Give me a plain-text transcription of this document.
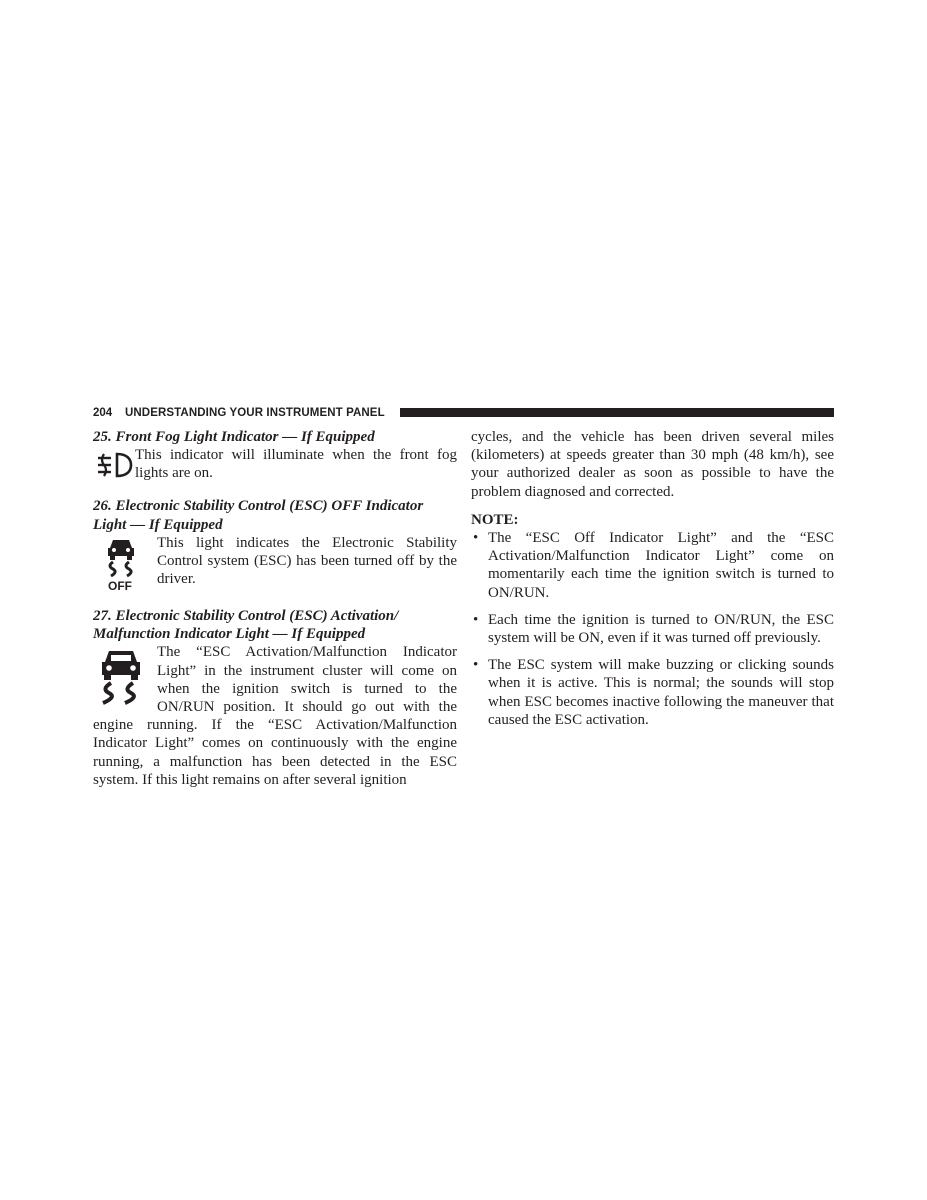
204 UNDERSTANDING YOUR INSTRUMENT PANEL

25. Front Fog Light Indicator — If Equipped

This indicator will illuminate when the front fog lights are on.

26. Electronic Stability Control (ESC) OFF Indicator

Light — If Equipped

OFF

This light indicates the Electronic Stability Control system (ESC) has been turned off by the driver.

27. Electronic Stability Control (ESC) Activation/

Malfunction Indicator Light — If Equipped

The “ESC Activation/Malfunction Indicator Light” in the instrument cluster will come on when the ignition switch is turned to the ON/RUN position. It should go out with the engine running. If the “ESC Activation/Malfunction Indicator Light” comes on continuously with the engine running, a malfunction has been detected in the ESC system. If this light remains on after several ignition

cycles, and the vehicle has been driven several miles (kilometers) at speeds greater than 30 mph (48 km/h), see your authorized dealer as soon as possible to have the problem diagnosed and corrected.

NOTE:

• The “ESC Off Indicator Light” and the “ESC Activation/Malfunction Indicator Light” come on momentarily each time the ignition switch is turned to ON/RUN.
• Each time the ignition is turned to ON/RUN, the ESC system will be ON, even if it was turned off previously.
• The ESC system will make buzzing or clicking sounds when it is active. This is normal; the sounds will stop when ESC becomes inactive following the maneuver that caused the ESC activation.
